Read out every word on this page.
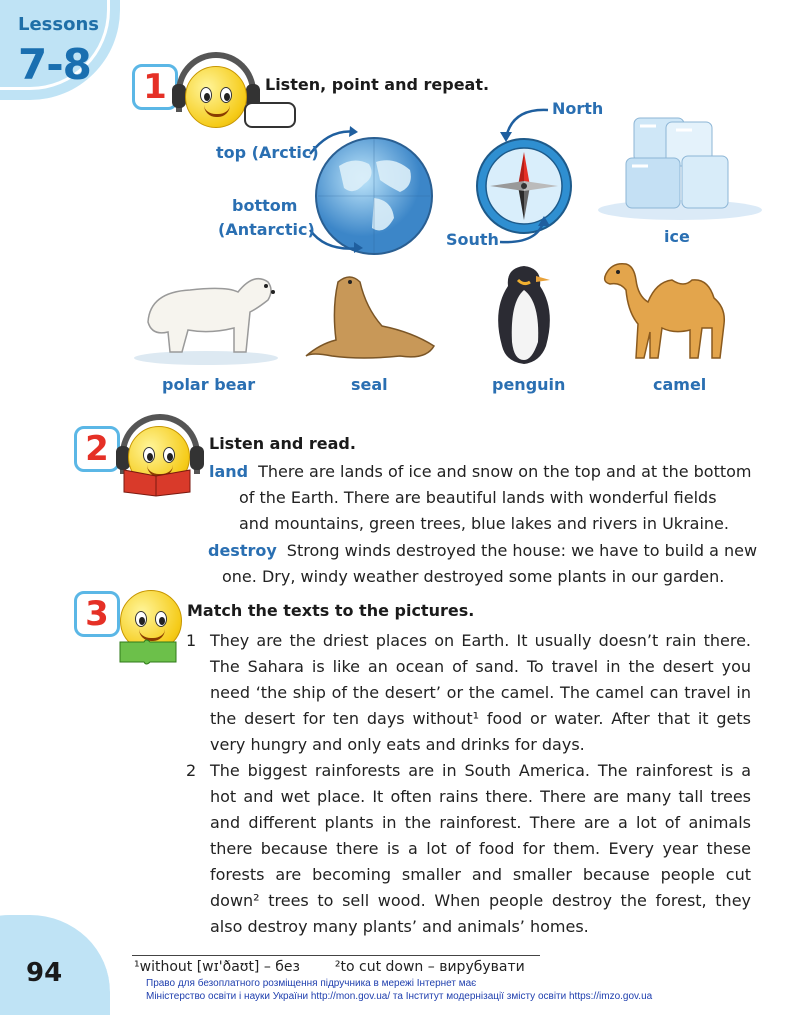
Lessons
7-8	1	Listen, point and repeat.
top (Arctic)
bottom
(Antarctic)
North
South	ice
polar bear	seal	penguin	camel
2	Listen and read.
land There are lands of ice and snow on the top and at the bottom
of the Earth. There are beautiful lands with wonderful fields
and mountains, green trees, blue lakes and rivers in Ukraine.
destroy Strong winds destroyed the house: we have to build a new
one. Dry, windy weather destroyed some plants in our garden.
3	Match the texts to the pictures.
1 They are the driest places on Earth. It usually doesn’t rain there. The Sahara is like an ocean of sand. To travel in the desert you need ‘the ship of the desert’ or the camel. The camel can travel in the desert for ten days without¹ food or water. After that it gets very hungry and only eats and drinks for days.
2 The biggest rainforests are in South America. The rainforest is a hot and wet place. It often rains there. There are many tall trees and different plants in the rainforest. There are a lot of animals there because there is a lot of food for them. Every year these forests are becoming smaller and smaller because people cut down² trees to sell wood. When people destroy the forest, they also destroy many plants’ and animals’ homes.
¹without [wɪ'ðaʊt] – без ²to cut down – вирубувати
Право для безоплатного розміщення підручника в мережі Інтернет має
Міністерство освіти і науки України http://mon.gov.ua/ та Інститут модернізації змісту освіти https://imzo.gov.ua
94
